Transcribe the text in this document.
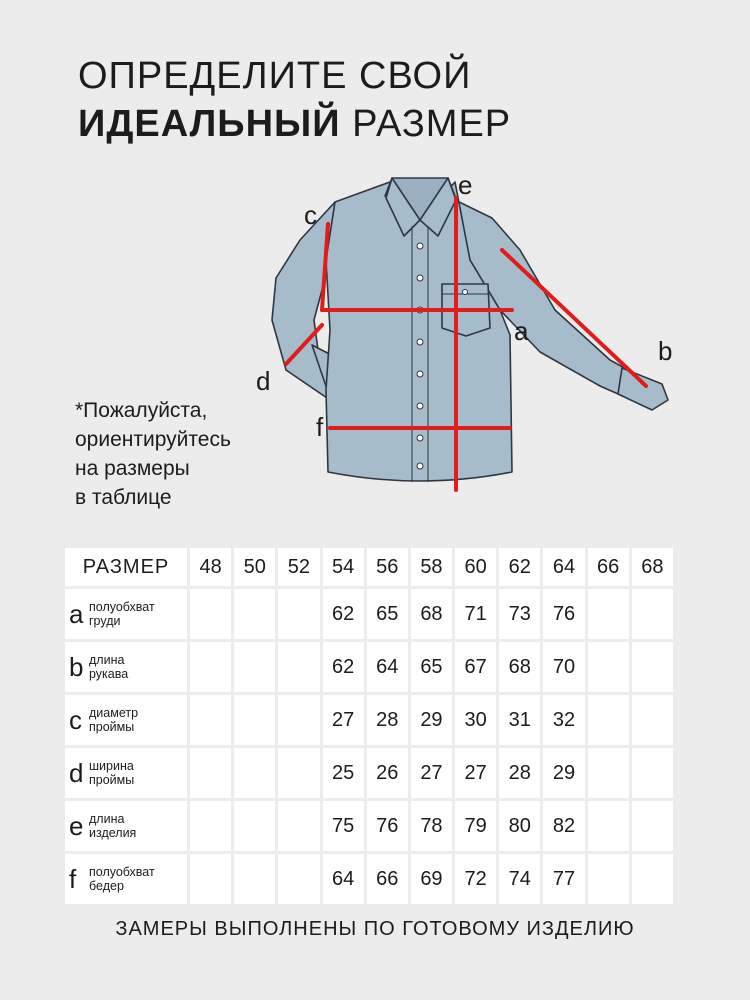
ОПРЕДЕЛИТЕ СВОЙ
ИДЕАЛЬНЫЙ РАЗМЕР
c
e
a
b
d
f
*Пожалуйста,
ориентируйтесь
на размеры
в таблице
РАЗМЕР	48	50	52	54	56	58	60	62	64	66	68
a полуобхват
груди				62	65	68	71	73	76		
b длина
рукава				62	64	65	67	68	70		
c диаметр
проймы				27	28	29	30	31	32		
d ширина
проймы				25	26	27	27	28	29		
e длина
изделия				75	76	78	79	80	82		
f полуобхват
бедер				64	66	69	72	74	77		
ЗАМЕРЫ ВЫПОЛНЕНЫ ПО ГОТОВОМУ ИЗДЕЛИЮ
